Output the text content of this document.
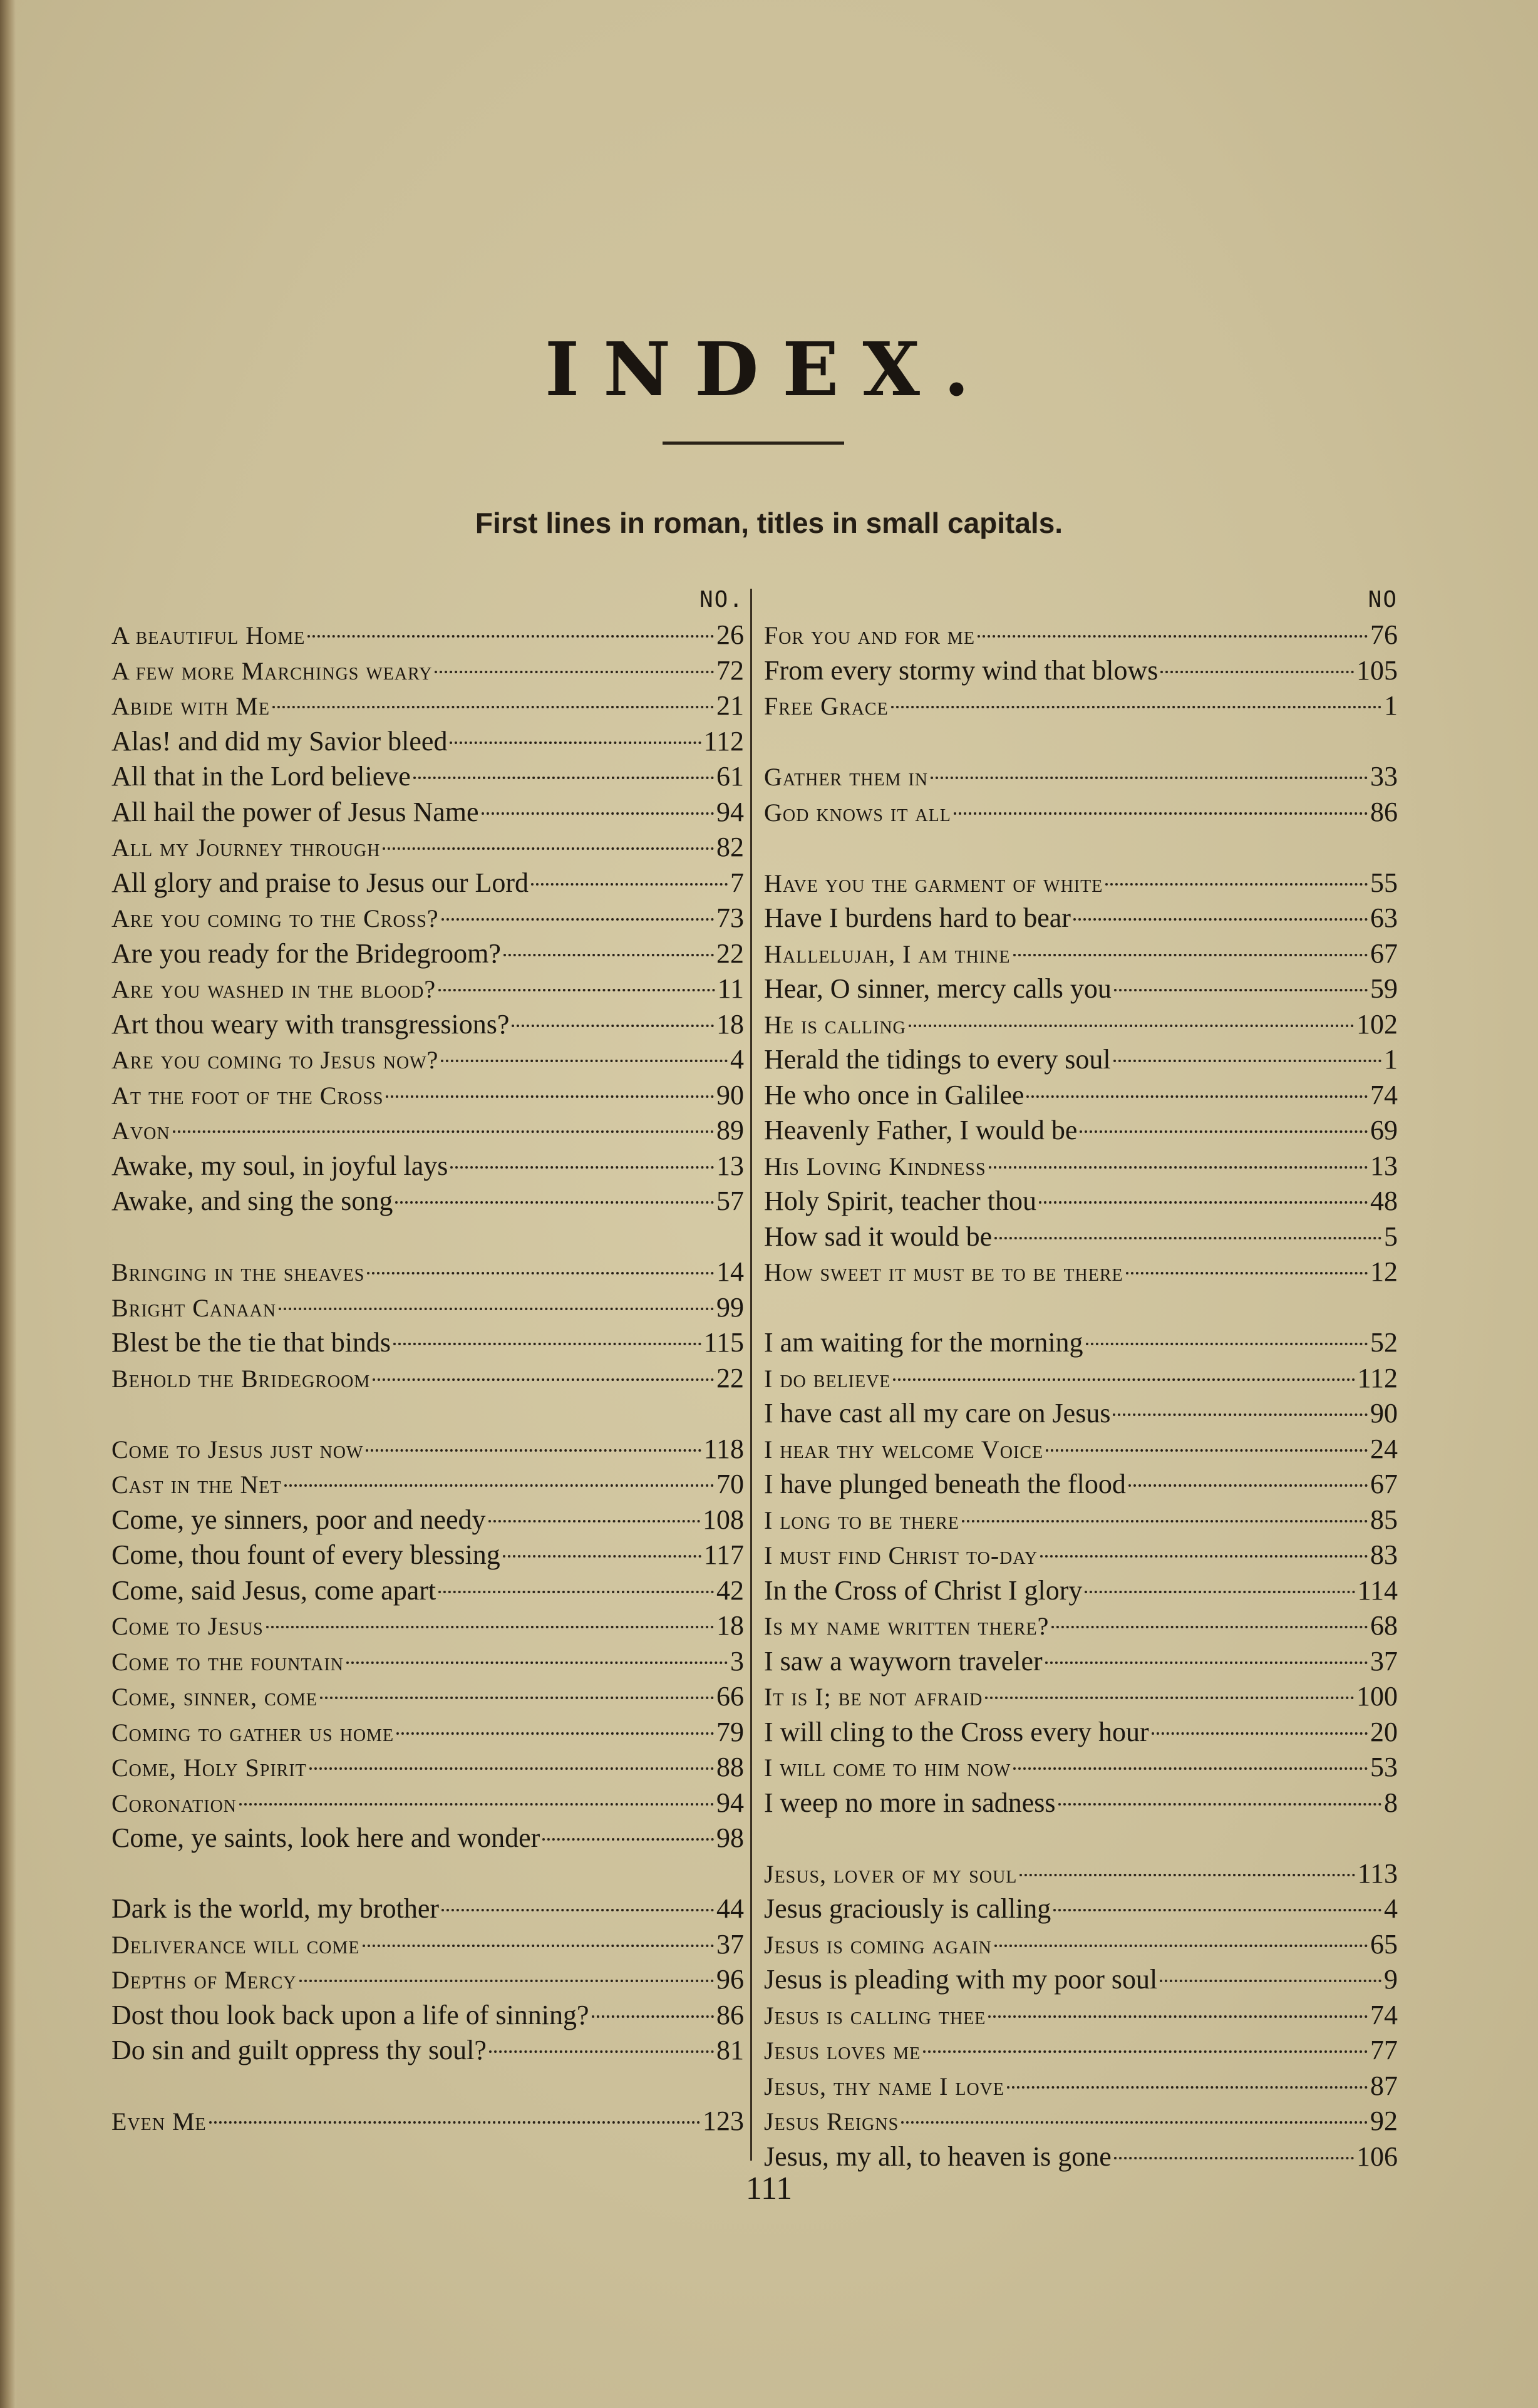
INDEX.
First lines in roman, titles in small capitals.
NO.
A beautiful Home	26
A few more Marchings weary	72
Abide with Me	21
Alas! and did my Savior bleed	112
All that in the Lord believe	61
All hail the power of Jesus Name	94
All my Journey through	82
All glory and praise to Jesus our Lord	7
Are you coming to the Cross?	73
Are you ready for the Bridegroom?	22
Are you washed in the blood?	11
Art thou weary with transgressions?	18
Are you coming to Jesus now?	4
At the foot of the Cross	90
Avon	89
Awake, my soul, in joyful lays	13
Awake, and sing the song	57
Bringing in the sheaves	14
Bright Canaan	99
Blest be the tie that binds	115
Behold the Bridegroom	22
Come to Jesus just now	118
Cast in the Net	70
Come, ye sinners, poor and needy	108
Come, thou fount of every blessing	117
Come, said Jesus, come apart	42
Come to Jesus	18
Come to the fountain	3
Come, sinner, come	66
Coming to gather us home	79
Come, Holy Spirit	88
Coronation	94
Come, ye saints, look here and wonder	98
Dark is the world, my brother	44
Deliverance will come	37
Depths of Mercy	96
Dost thou look back upon a life of sinning?	86
Do sin and guilt oppress thy soul?	81
Even Me	123
NO
For you and for me	76
From every stormy wind that blows	105
Free Grace	1
Gather them in	33
God knows it all	86
Have you the garment of white	55
Have I burdens hard to bear	63
Hallelujah, I am thine	67
Hear, O sinner, mercy calls you	59
He is calling	102
Herald the tidings to every soul	1
He who once in Galilee	74
Heavenly Father, I would be	69
His Loving Kindness	13
Holy Spirit, teacher thou	48
How sad it would be	5
How sweet it must be to be there	12
I am waiting for the morning	52
I do believe	112
I have cast all my care on Jesus	90
I hear thy welcome Voice	24
I have plunged beneath the flood	67
I long to be there	85
I must find Christ to-day	83
In the Cross of Christ I glory	114
Is my name written there?	68
I saw a wayworn traveler	37
It is I; be not afraid	100
I will cling to the Cross every hour	20
I will come to him now	53
I weep no more in sadness	8
Jesus, lover of my soul	113
Jesus graciously is calling	4
Jesus is coming again	65
Jesus is pleading with my poor soul	9
Jesus is calling thee	74
Jesus loves me	77
Jesus, thy name I love	87
Jesus Reigns	92
Jesus, my all, to heaven is gone	106
111
